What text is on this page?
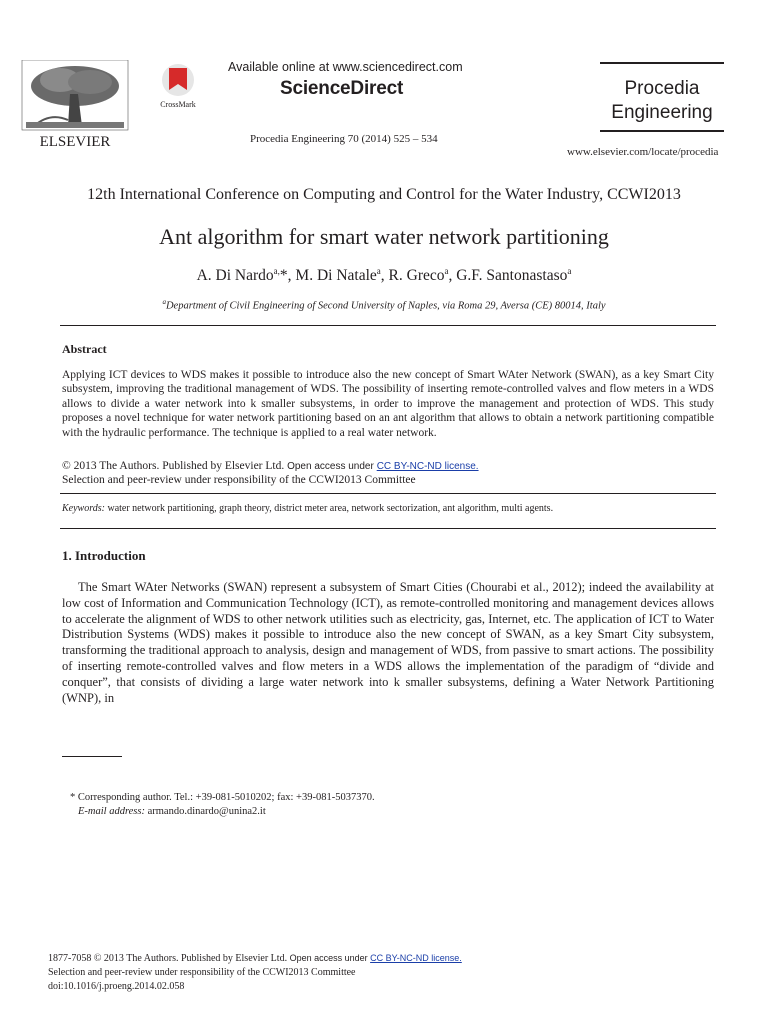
ELSEVIER
CrossMark
Available online at www.sciencedirect.com
ScienceDirect
Procedia Engineering 70 (2014) 525 – 534
Procedia
Engineering
www.elsevier.com/locate/procedia
12th International Conference on Computing and Control for the Water Industry, CCWI2013
Ant algorithm for smart water network partitioning
A. Di Nardo$^{a,}$*, M. Di Natale$^a$, R. Greco$^a$, G.F. Santonastaso$^a$
$^a$Department of Civil Engineering of Second University of Naples, via Roma 29, Aversa (CE) 80014, Italy
Abstract
Applying ICT devices to WDS makes it possible to introduce also the new concept of Smart WAter Network (SWAN), as a key Smart City subsystem, improving the traditional management of WDS. The possibility of inserting remote-controlled valves and flow meters in a WDS allows to divide a water network into k smaller subsystems, in order to improve the management and protection of WDS. This study proposes a novel technique for water network partitioning based on an ant algorithm that allows to obtain a network partitioning compatible with the hydraulic performance. The technique is applied to a real water network.
© 2013 The Authors. Published by Elsevier Ltd. Open access under CC BY-NC-ND license.
Selection and peer-review under responsibility of the CCWI2013 Committee
Keywords: water network partitioning, graph theory, district meter area, network sectorization, ant algorithm, multi agents.
1. Introduction
The Smart WAter Networks (SWAN) represent a subsystem of Smart Cities (Chourabi et al., 2012); indeed the availability at low cost of Information and Communication Technology (ICT), as remote-controlled monitoring and management devices allows to accelerate the alignment of WDS to other network utilities such as electricity, gas, Internet, etc. The application of ICT to Water Distribution Systems (WDS) makes it possible to introduce also the new concept of SWAN, as a key Smart City subsystem, transforming the traditional approach to analysis, design and management of WDS, from passive to smart actions. The possibility of inserting remote-controlled valves and flow meters in a WDS allows the implementation of the paradigm of “divide and conquer”, that consists of dividing a large water network into k smaller subsystems, defining a Water Network Partitioning (WNP), in
* Corresponding author. Tel.: +39-081-5010202; fax: +39-081-5037370.
E-mail address: armando.dinardo@unina2.it
1877-7058 © 2013 The Authors. Published by Elsevier Ltd. Open access under CC BY-NC-ND license.
Selection and peer-review under responsibility of the CCWI2013 Committee
doi:10.1016/j.proeng.2014.02.058
